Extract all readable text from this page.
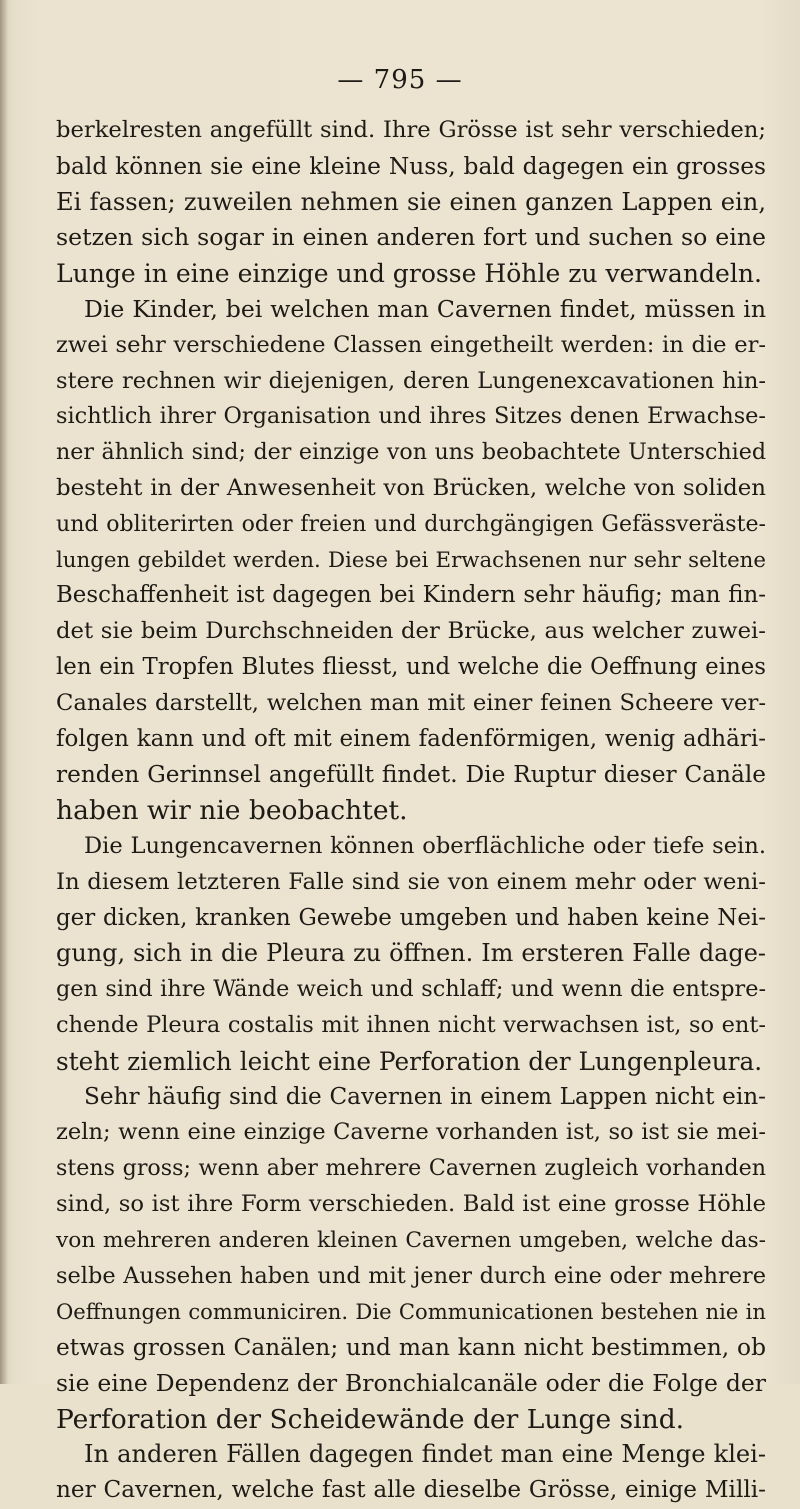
— 795 —
berkelresten angefüllt sind. Ihre Grösse ist sehr verschieden;
bald können sie eine kleine Nuss, bald dagegen ein grosses
Ei fassen; zuweilen nehmen sie einen ganzen Lappen ein,
setzen sich sogar in einen anderen fort und suchen so eine
Lunge in eine einzige und grosse Höhle zu verwandeln.
Die Kinder, bei welchen man Cavernen findet, müssen in
zwei sehr verschiedene Classen eingetheilt werden: in die er-
stere rechnen wir diejenigen, deren Lungenexcavationen hin-
sichtlich ihrer Organisation und ihres Sitzes denen Erwachse-
ner ähnlich sind; der einzige von uns beobachtete Unterschied
besteht in der Anwesenheit von Brücken, welche von soliden
und obliterirten oder freien und durchgängigen Gefässveräste-
lungen gebildet werden. Diese bei Erwachsenen nur sehr seltene
Beschaffenheit ist dagegen bei Kindern sehr häufig; man fin-
det sie beim Durchschneiden der Brücke, aus welcher zuwei-
len ein Tropfen Blutes fliesst, und welche die Oeffnung eines
Canales darstellt, welchen man mit einer feinen Scheere ver-
folgen kann und oft mit einem fadenförmigen, wenig adhäri-
renden Gerinnsel angefüllt findet. Die Ruptur dieser Canäle
haben wir nie beobachtet.
Die Lungencavernen können oberflächliche oder tiefe sein.
In diesem letzteren Falle sind sie von einem mehr oder weni-
ger dicken, kranken Gewebe umgeben und haben keine Nei-
gung, sich in die Pleura zu öffnen. Im ersteren Falle dage-
gen sind ihre Wände weich und schlaff; und wenn die entspre-
chende Pleura costalis mit ihnen nicht verwachsen ist, so ent-
steht ziemlich leicht eine Perforation der Lungenpleura.
Sehr häufig sind die Cavernen in einem Lappen nicht ein-
zeln; wenn eine einzige Caverne vorhanden ist, so ist sie mei-
stens gross; wenn aber mehrere Cavernen zugleich vorhanden
sind, so ist ihre Form verschieden. Bald ist eine grosse Höhle
von mehreren anderen kleinen Cavernen umgeben, welche das-
selbe Aussehen haben und mit jener durch eine oder mehrere
Oeffnungen communiciren. Die Communicationen bestehen nie in
etwas grossen Canälen; und man kann nicht bestimmen, ob
sie eine Dependenz der Bronchialcanäle oder die Folge der
Perforation der Scheidewände der Lunge sind.
In anderen Fällen dagegen findet man eine Menge klei-
ner Cavernen, welche fast alle dieselbe Grösse, einige Milli-
